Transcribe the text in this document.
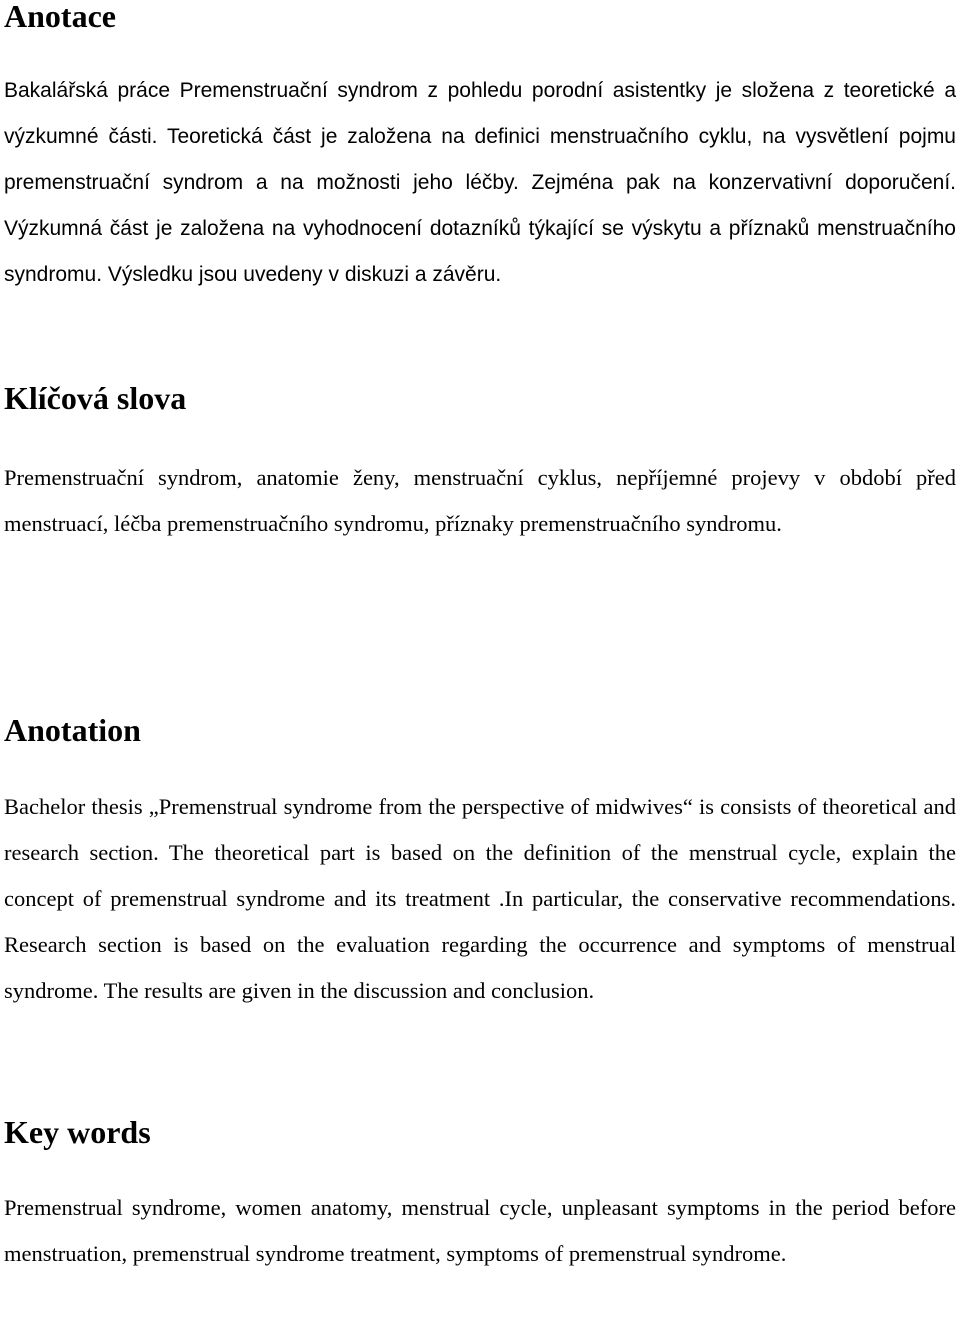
Anotace

Bakalářská práce Premenstruační syndrom z pohledu porodní asistentky je složena z teoretické a výzkumné části. Teoretická část je založena na definici menstruačního cyklu, na vysvětlení pojmu premenstruační syndrom a na možnosti jeho léčby. Zejména pak na konzervativní doporučení. Výzkumná část je založena na vyhodnocení dotazníků týkající se výskytu a příznaků menstruačního syndromu. Výsledku jsou uvedeny v diskuzi a závěru.

Klíčová slova

Premenstruační syndrom, anatomie ženy, menstruační cyklus, nepříjemné projevy v období před menstruací, léčba premenstruačního syndromu, příznaky premenstruačního syndromu.

Anotation

Bachelor thesis „Premenstrual syndrome from the perspective of midwives“ is consists of theoretical and research section. The theoretical part is based on the definition of the menstrual cycle, explain the concept of premenstrual syndrome and its treatment .In particular, the conservative recommendations. Research section is based on the evaluation regarding the occurrence and symptoms of menstrual syndrome. The results are given in the discussion and conclusion.

Key words

Premenstrual syndrome, women anatomy, menstrual cycle, unpleasant symptoms in the period before menstruation, premenstrual syndrome treatment, symptoms of premenstrual syndrome.
